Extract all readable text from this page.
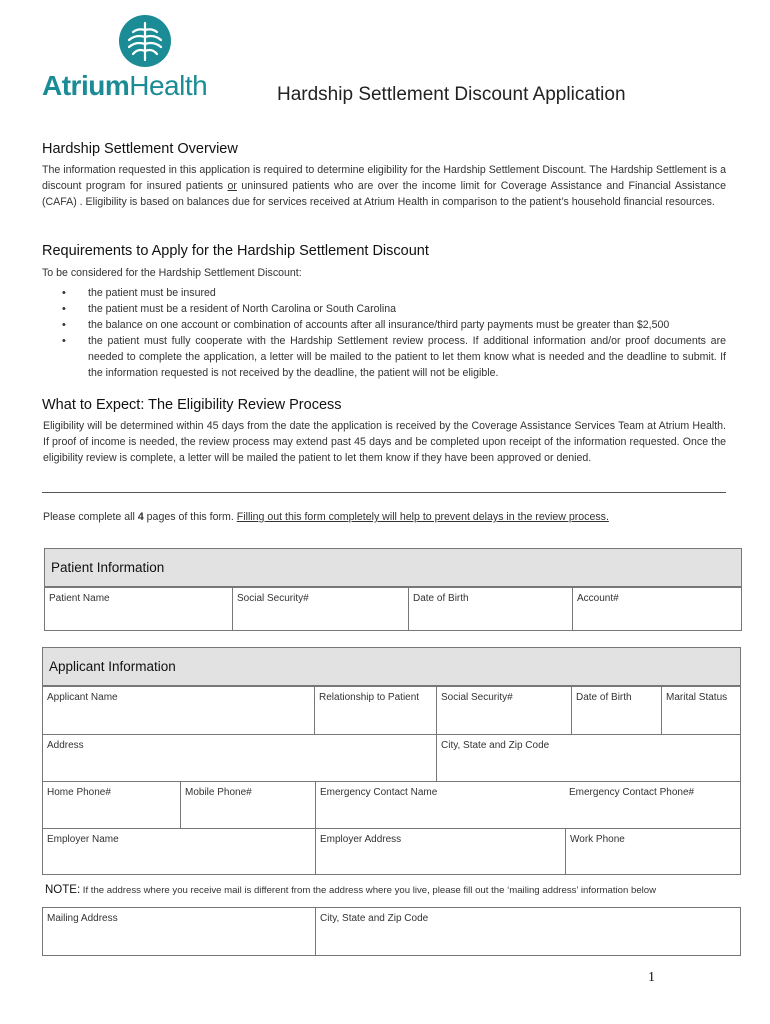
AtriumHealth	Hardship Settlement Discount Application
Hardship Settlement Overview
The information requested in this application is required to determine eligibility for the Hardship Settlement Discount. The Hardship Settlement is a discount program for insured patients or uninsured patients who are over the income limit for Coverage Assistance and Financial Assistance (CAFA) . Eligibility is based on balances due for services received at Atrium Health in comparison to the patient’s household financial resources.
Requirements to Apply for the Hardship Settlement Discount
To be considered for the Hardship Settlement Discount:
• the patient must be insured
• the patient must be a resident of North Carolina or South Carolina
• the balance on one account or combination of accounts after all insurance/third party payments must be greater than $2,500
• the patient must fully cooperate with the Hardship Settlement review process. If additional information and/or proof documents are needed to complete the application, a letter will be mailed to the patient to let them know what is needed and the deadline to submit. If the information requested is not received by the deadline, the patient will not be eligible.
What to Expect: The Eligibility Review Process
Eligibility will be determined within 45 days from the date the application is received by the Coverage Assistance Services Team at Atrium Health. If proof of income is needed, the review process may extend past 45 days and be completed upon receipt of the information requested. Once the eligibility review is complete, a letter will be mailed the patient to let them know if they have been approved or denied.
Please complete all 4 pages of this form. Filling out this form completely will help to prevent delays in the review process.
Patient Information
Patient Name	Social Security#	Date of Birth	Account#
Applicant Information
Applicant Name	Relationship to Patient	Social Security#	Date of Birth	Marital Status
Address	City, State and Zip Code
Home Phone#	Mobile Phone#	Emergency Contact Name	Emergency Contact Phone#
Employer Name	Employer Address	Work Phone
NOTE: If the address where you receive mail is different from the address where you live, please fill out the ‘mailing address’ information below
Mailing Address	City, State and Zip Code
1
